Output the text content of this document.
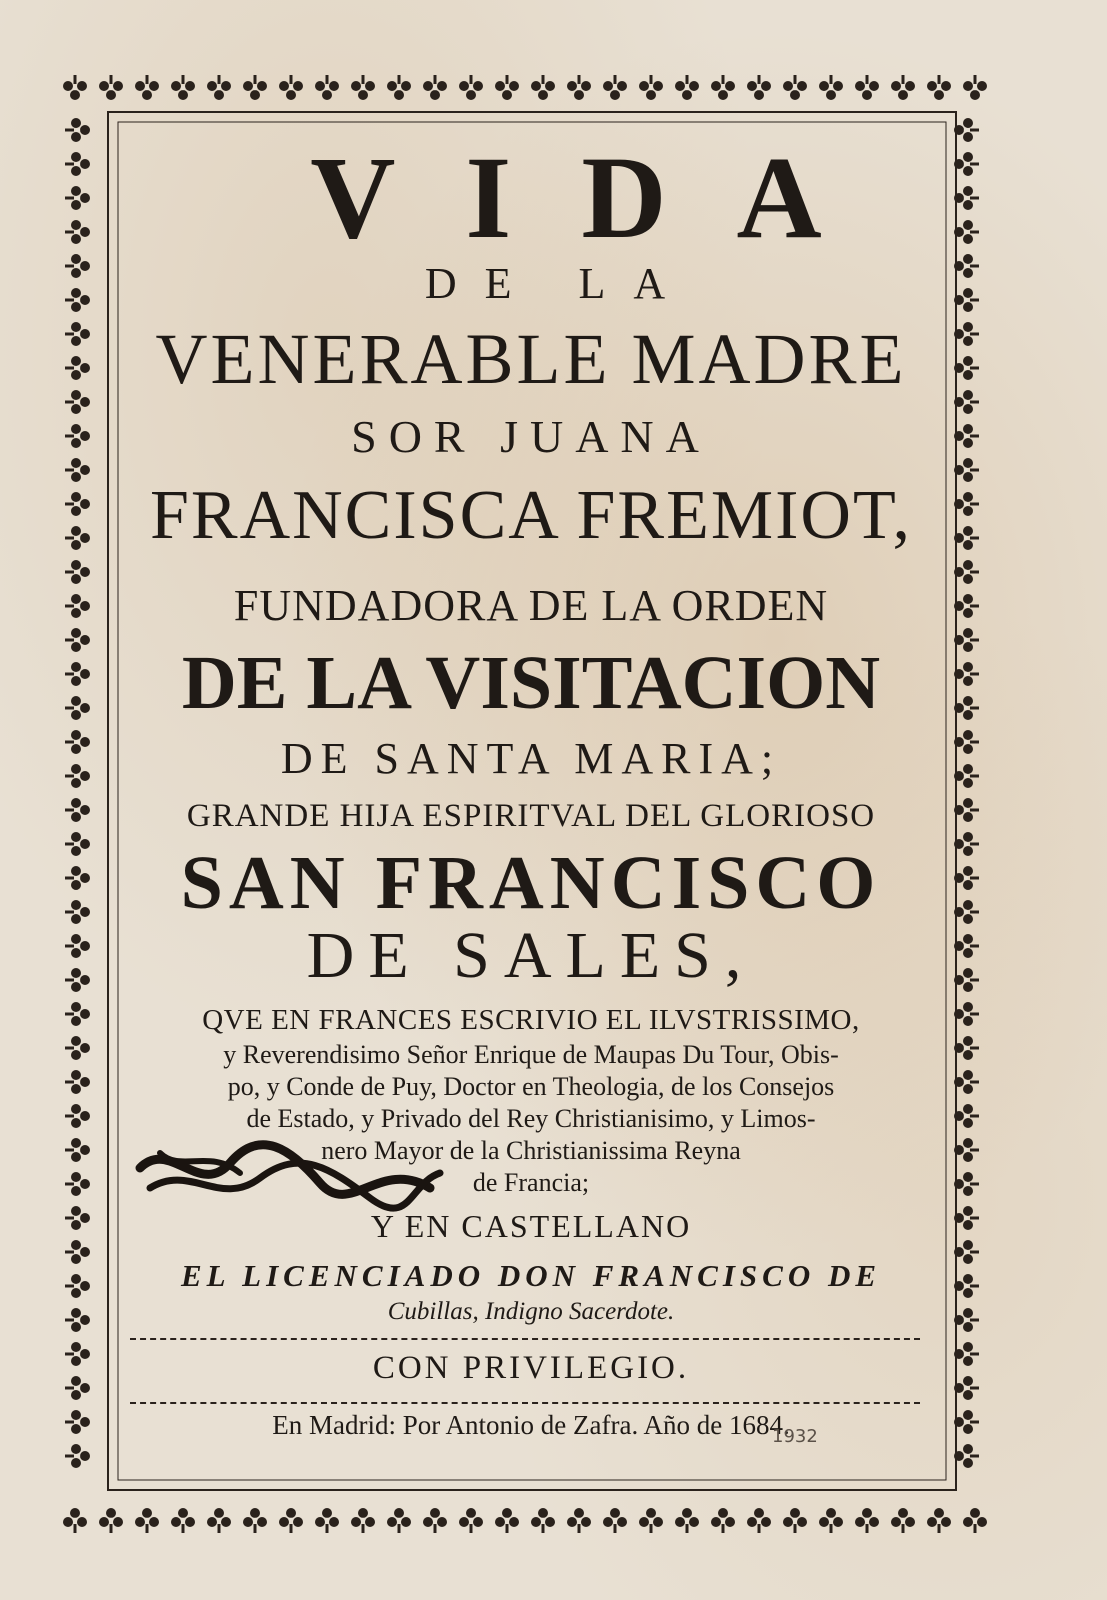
VIDA
DE LA
VENERABLE MADRE
SOR JUANA
FRANCISCA FREMIOT,
FUNDADORA DE LA ORDEN
DE LA VISITACION
DE SANTA MARIA;
GRANDE HIJA ESPIRITVAL DEL GLORIOSO
SAN FRANCISCO
DE SALES,
QVE EN FRANCES ESCRIVIO EL ILVSTRISSIMO,
y Reverendisimo Señor Enrique de Maupas Du Tour, Obis-
po, y Conde de Puy, Doctor en Theologia, de los Consejos
de Estado, y Privado del Rey Christianisimo, y Limos-
nero Mayor de la Christianissima Reyna
de Francia;
Y EN CASTELLANO
EL LICENCIADO DON FRANCISCO DE
Cubillas, Indigno Sacerdote.
CON PRIVILEGIO.
En Madrid: Por Antonio de Zafra. Año de 1684.
1932
